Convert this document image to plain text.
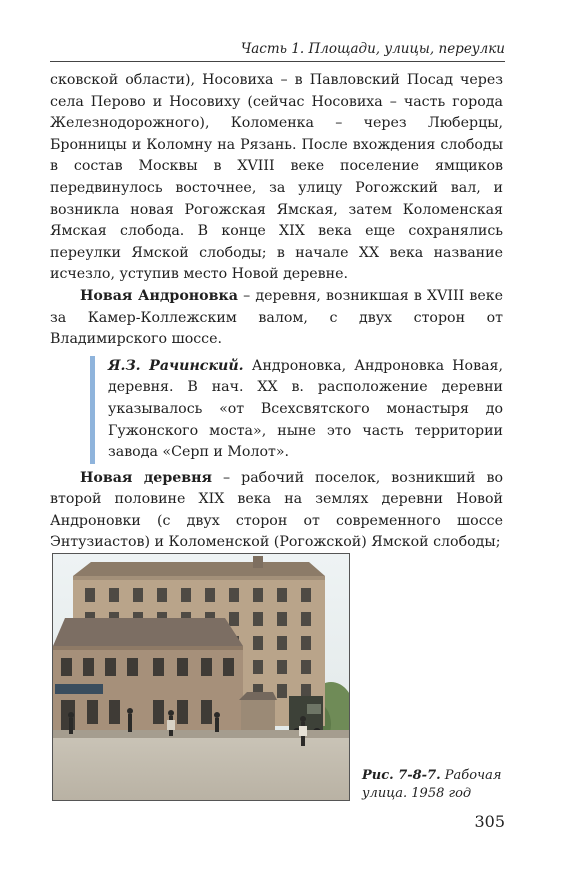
Часть 1. Площади, улицы, переулки

сковской области), Носовиха – в Павловский Посад через села Перово и Носовиху (сейчас Носовиха – часть города Железнодорожного), Коломенка – через Люберцы, Бронницы и Коломну на Рязань. После вхождения слободы в состав Москвы в XVIII веке поселение ямщиков передвинулось восточнее, за улицу Рогожский вал, и возникла новая Рогожская Ямская, затем Коломенская Ямская слобода. В конце XIX века еще сохранялись переулки Ямской слободы; в начале XX века название исчезло, уступив место Новой деревне.

Новая Андроновка – деревня, возникшая в XVIII веке за Камер-Коллежским валом, с двух сторон от Владимирского шоссе.

Я.З. Рачинский. Андроновка, Андроновка Новая, деревня. В нач. XX в. расположение деревни указывалось «от Всехсвятского монастыря до Гужонского моста», ныне это часть территории завода «Серп и Молот».

Новая деревня – рабочий поселок, возникший во второй половине XIX века на землях деревни Новой Андроновки (с двух сторон от современного шоссе Энтузиастов) и Коломенской (Рогожской) Ямской слободы;

Рис. 7-8-7. Рабочая улица. 1958 год
305
